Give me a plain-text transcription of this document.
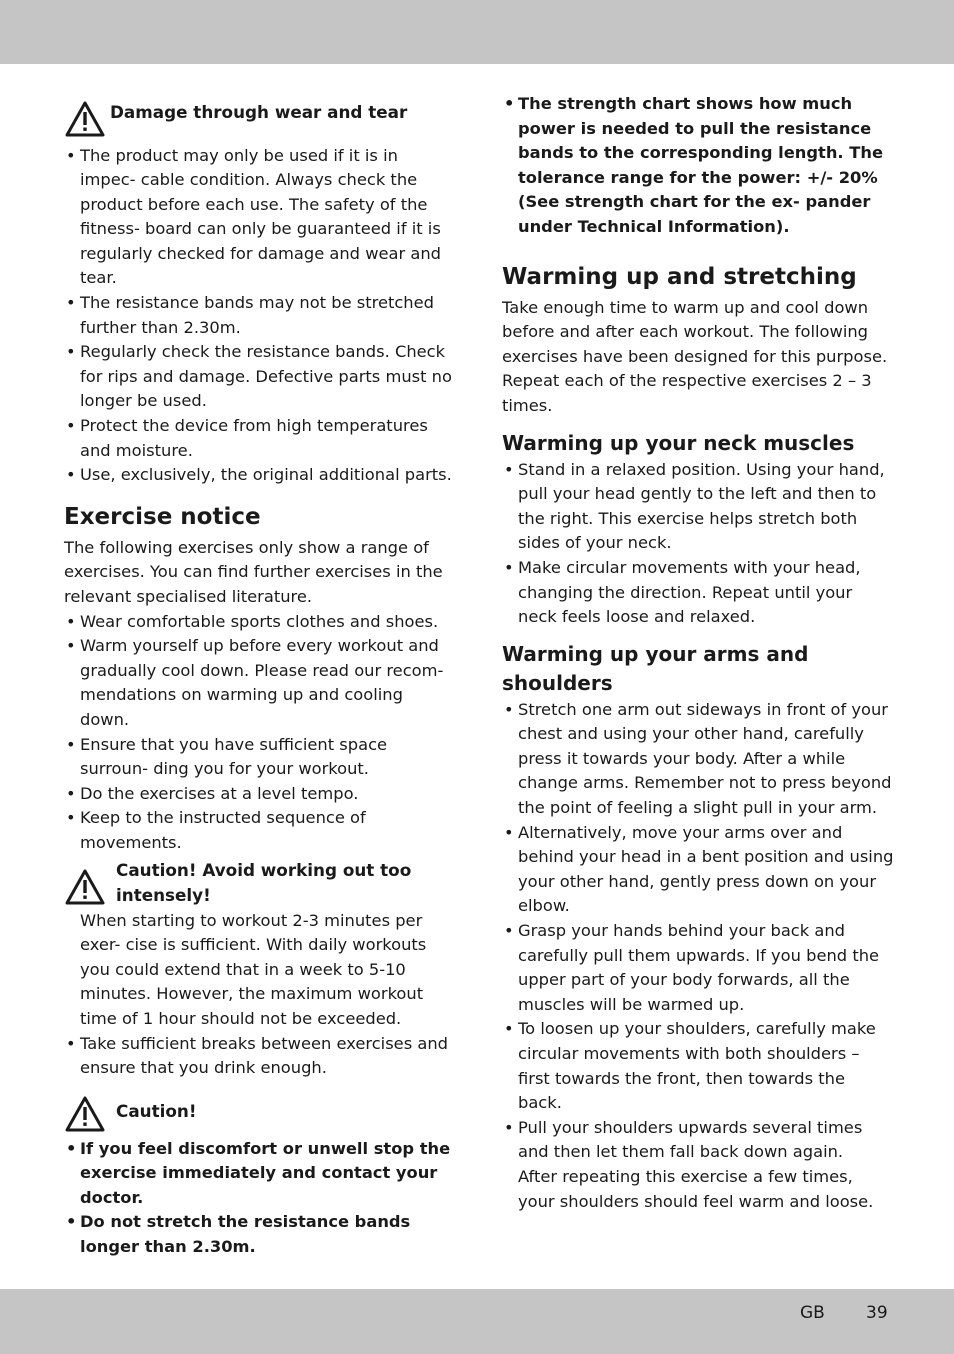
Damage through wear and tear
• The product may only be used if it is in impec- cable condition. Always check the product before each use. The safety of the fitness- board can only be guaranteed if it is regularly checked for damage and wear and tear.
• The resistance bands may not be stretched further than 2.30m.
• Regularly check the resistance bands. Check for rips and damage. Defective parts must no longer be used.
• Protect the device from high temperatures and moisture.
• Use, exclusively, the original additional parts.
Exercise notice
The following exercises only show a range of exercises. You can find further exercises in the relevant specialised literature.
• Wear comfortable sports clothes and shoes.
• Warm yourself up before every workout and gradually cool down. Please read our recom- mendations on warming up and cooling down.
• Ensure that you have sufficient space surroun- ding you for your workout.
• Do the exercises at a level tempo.
• Keep to the instructed sequence of movements.
Caution! Avoid working out too intensely!
When starting to workout 2-3 minutes per exer- cise is sufficient. With daily workouts you could extend that in a week to 5-10 minutes. However, the maximum workout time of 1 hour should not be exceeded.
• Take sufficient breaks between exercises and ensure that you drink enough.
Caution!
• If you feel discomfort or unwell stop the exercise immediately and contact your doctor.
• Do not stretch the resistance bands longer than 2.30m.
• The strength chart shows how much power is needed to pull the resistance bands to the corresponding length. The tolerance range for the power: +/- 20% (See strength chart for the ex- pander under Technical Information).
Warming up and stretching
Take enough time to warm up and cool down before and after each workout. The following exercises have been designed for this purpose. Repeat each of the respective exercises 2 – 3 times.
Warming up your neck muscles
• Stand in a relaxed position. Using your hand, pull your head gently to the left and then to the right. This exercise helps stretch both sides of your neck.
• Make circular movements with your head, changing the direction. Repeat until your neck feels loose and relaxed.
Warming up your arms and shoulders
• Stretch one arm out sideways in front of your chest and using your other hand, carefully press it towards your body. After a while change arms. Remember not to press beyond the point of feeling a slight pull in your arm.
• Alternatively, move your arms over and behind your head in a bent position and using your other hand, gently press down on your elbow.
• Grasp your hands behind your back and carefully pull them upwards. If you bend the upper part of your body forwards, all the muscles will be warmed up.
• To loosen up your shoulders, carefully make circular movements with both shoulders – first towards the front, then towards the back.
• Pull your shoulders upwards several times and then let them fall back down again.
After repeating this exercise a few times, your shoulders should feel warm and loose.
GB 39
